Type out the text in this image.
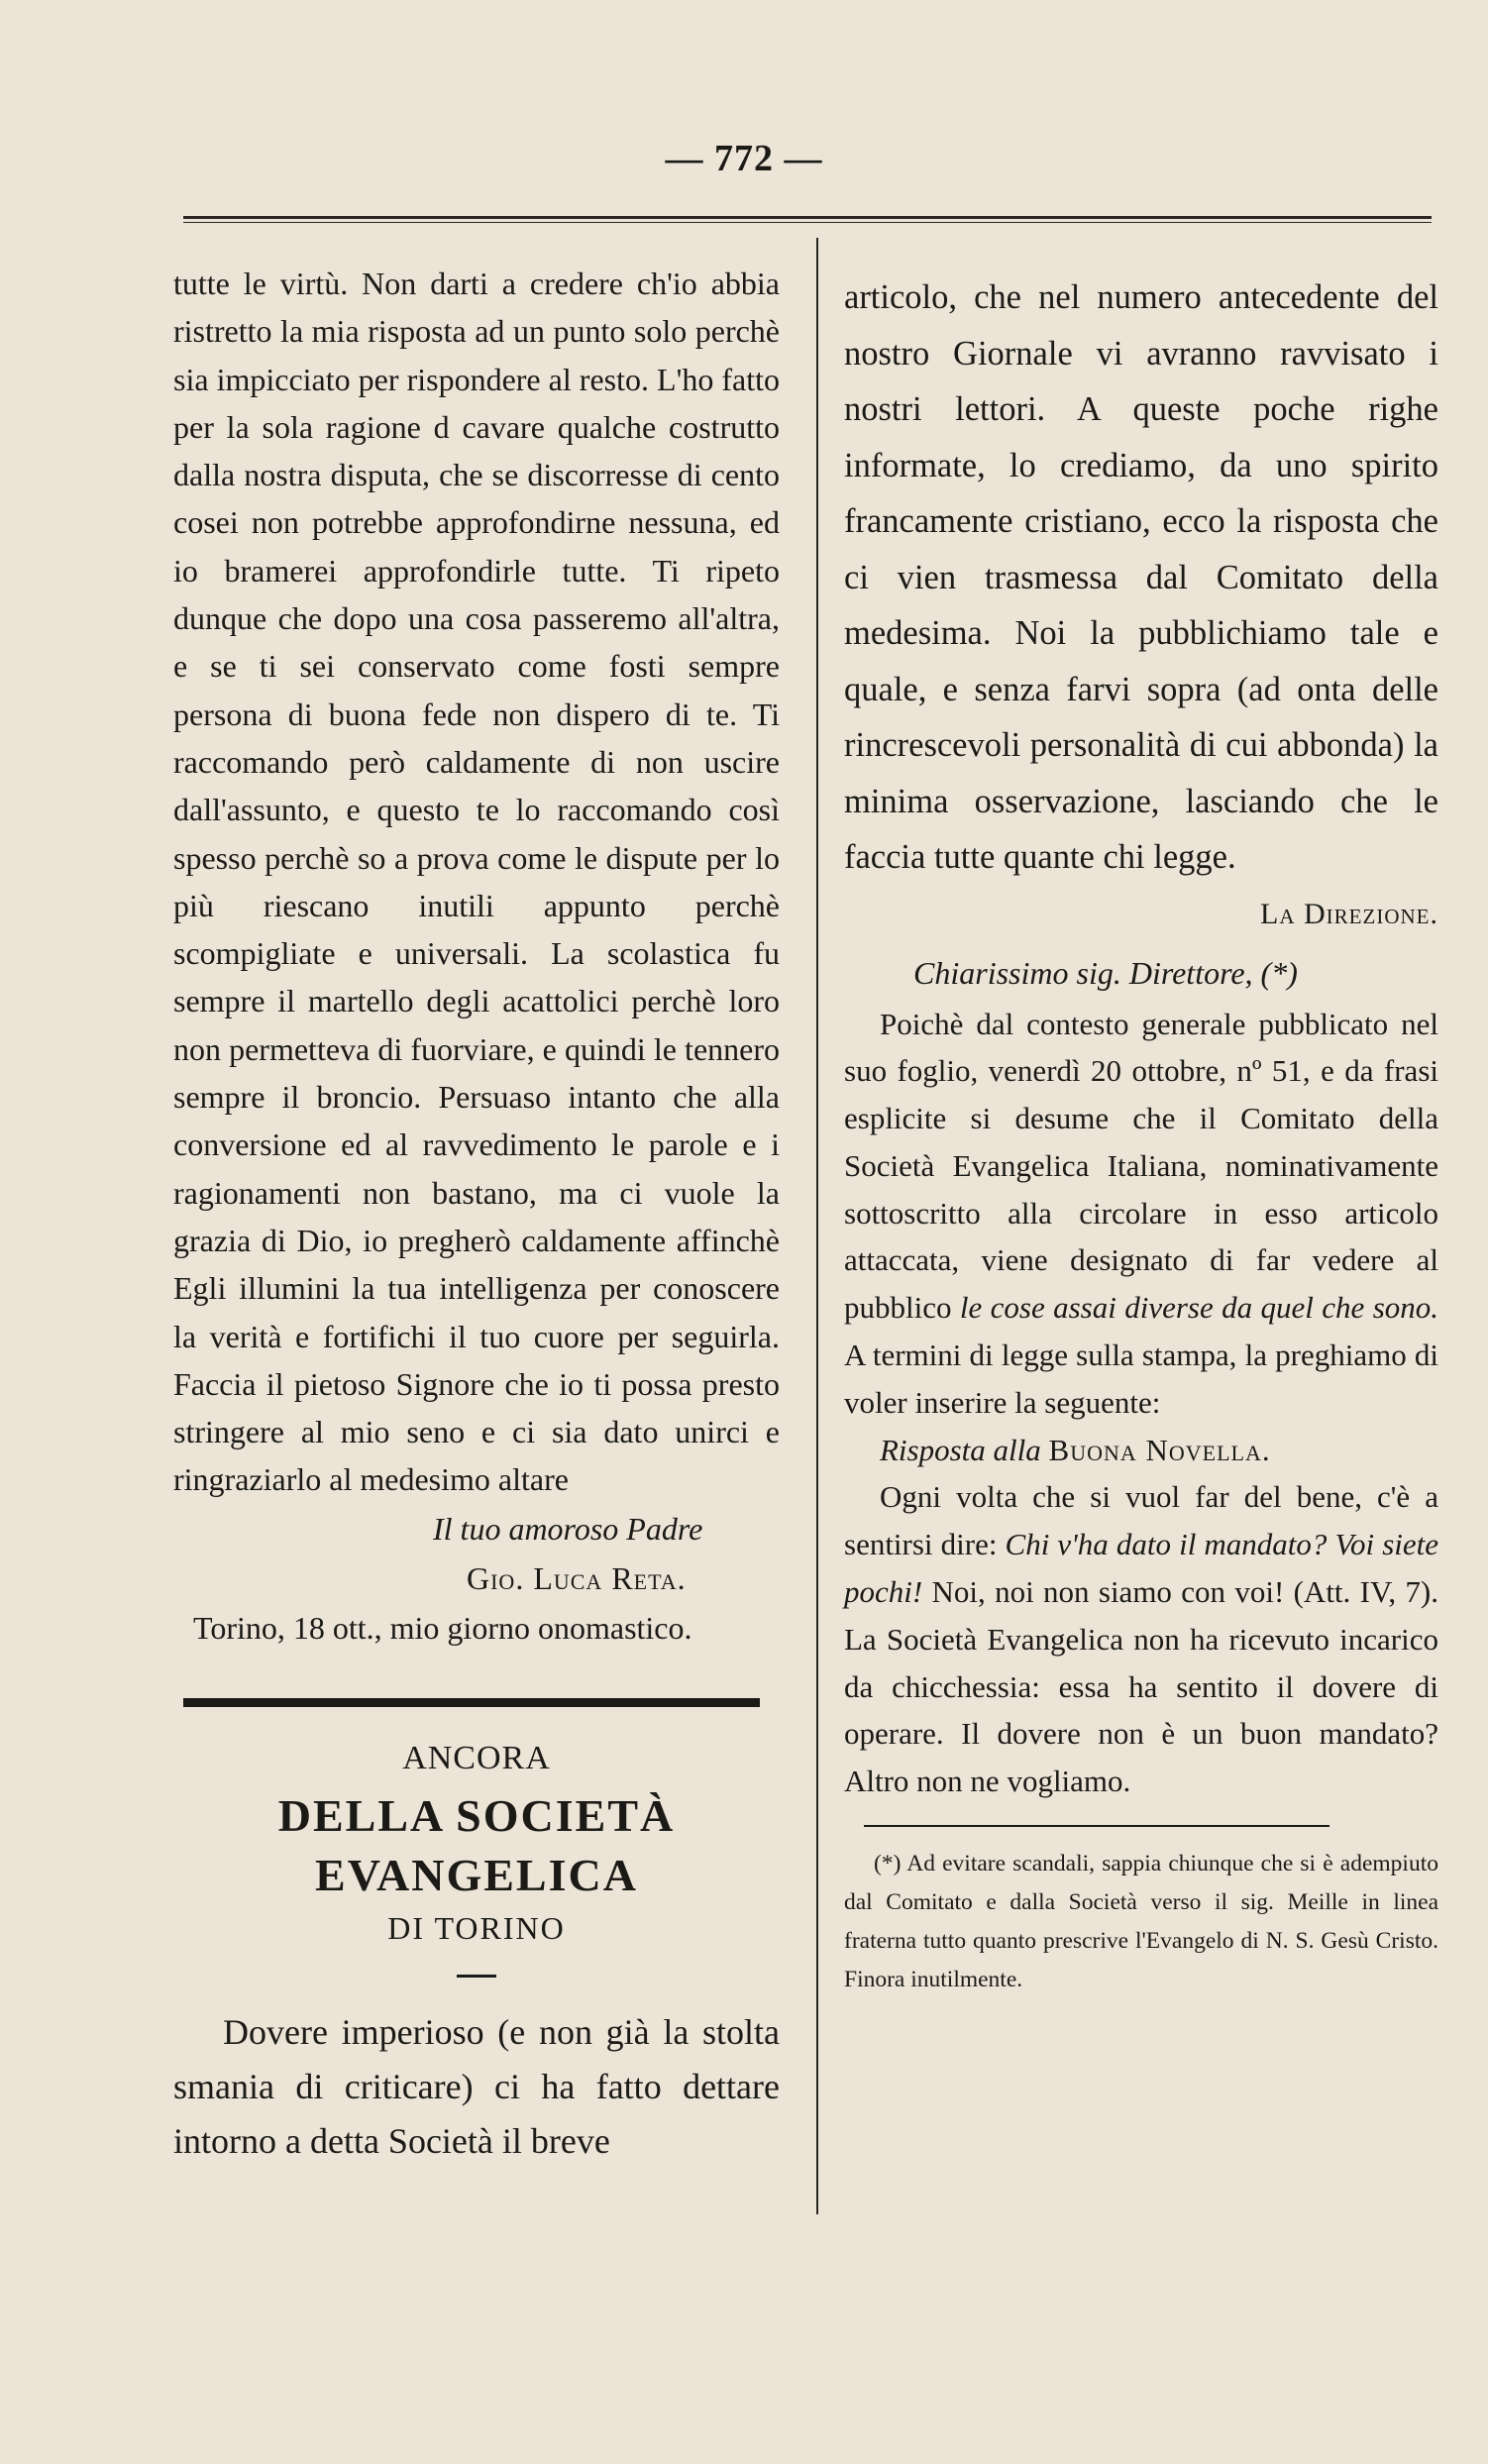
— 772 —

tutte le virtù. Non darti a credere ch'io abbia ristretto la mia risposta ad un punto solo perchè sia impicciato per rispondere al resto. L'ho fatto per la sola ragione d cavare qualche costrutto dalla nostra disputa, che se discorresse di cento cosei non potrebbe approfondirne nessuna, ed io bramerei approfondirle tutte. Ti ripeto dunque che dopo una cosa passeremo all'altra, e se ti sei conservato come fosti sempre persona di buona fede non dispero di te. Ti raccomando però caldamente di non uscire dall'assunto, e questo te lo raccomando così spesso perchè so a prova come le dispute per lo più riescano inutili appunto perchè scompigliate e universali. La scolastica fu sempre il martello degli acattolici perchè loro non permetteva di fuorviare, e quindi le tennero sempre il broncio. Persuaso intanto che alla conversione ed al ravvedimento le parole e i ragionamenti non bastano, ma ci vuole la grazia di Dio, io pregherò caldamente affinchè Egli illumini la tua intelligenza per conoscere la verità e fortifichi il tuo cuore per seguirla. Faccia il pietoso Signore che io ti possa presto stringere al mio seno e ci sia dato unirci e ringraziarlo al medesimo altare

Il tuo amoroso Padre
Gio. Luca Reta.
Torino, 18 ott., mio giorno onomastico.
ANCORA
DELLA SOCIETÀ EVANGELICA
DI TORINO

Dovere imperioso (e non già la stolta smania di criticare) ci ha fatto dettare intorno a detta Società il breve

articolo, che nel numero antecedente del nostro Giornale vi avranno ravvisato i nostri lettori. A queste poche righe informate, lo crediamo, da uno spirito francamente cristiano, ecco la risposta che ci vien trasmessa dal Comitato della medesima. Noi la pubblichiamo tale e quale, e senza farvi sopra (ad onta delle rincrescevoli personalità di cui abbonda) la minima osservazione, lasciando che le faccia tutte quante chi legge.

La Direzione.
Chiarissimo sig. Direttore, (*)

Poichè dal contesto generale pubblicato nel suo foglio, venerdì 20 ottobre, nº 51, e da frasi esplicite si desume che il Comitato della Società Evangelica Italiana, nominativamente sottoscritto alla circolare in esso articolo attaccata, viene designato di far vedere al pubblico le cose assai diverse da quel che sono. A termini di legge sulla stampa, la preghiamo di voler inserire la seguente:

Risposta alla Buona Novella.

Ogni volta che si vuol far del bene, c'è a sentirsi dire: Chi v'ha dato il mandato? Voi siete pochi! Noi, noi non siamo con voi! (Att. IV, 7). La Società Evangelica non ha ricevuto incarico da chicchessia: essa ha sentito il dovere di operare. Il dovere non è un buon mandato? Altro non ne vogliamo.

(*) Ad evitare scandali, sappia chiunque che si è adempiuto dal Comitato e dalla Società verso il sig. Meille in linea fraterna tutto quanto prescrive l'Evangelo di N. S. Gesù Cristo. Finora inutilmente.
